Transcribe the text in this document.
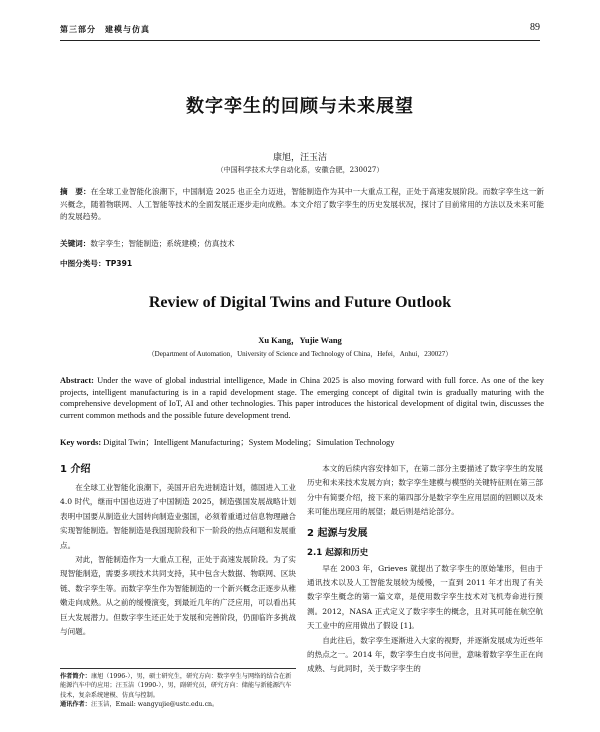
第三部分　建模与仿真	89
数字孪生的回顾与未来展望
康旭，汪玉洁
（中国科学技术大学自动化系，安徽合肥，230027）
摘　要：在全球工业智能化浪潮下，中国制造 2025 也正全力迈进，智能制造作为其中一大重点工程，正处于高速发展阶段。而数字孪生这一新兴概念，随着物联网、人工智能等技术的全面发展正逐步走向成熟。本文介绍了数字孪生的历史发展状况，探讨了目前常用的方法以及未来可能的发展趋势。
关键词：数字孪生；智能制造；系统建模；仿真技术
中图分类号：TP391
Review of Digital Twins and Future Outlook
Xu Kang，Yujie Wang
（Department of Automation，University of Science and Technology of China，Hefei，Anhui，230027）
Abstract: Under the wave of global industrial intelligence, Made in China 2025 is also moving forward with full force. As one of the key projects, intelligent manufacturing is in a rapid development stage. The emerging concept of digital twin is gradually maturing with the comprehensive development of IoT, AI and other technologies. This paper introduces the historical development of digital twin, discusses the current common methods and the possible future development trend.
Key words: Digital Twin；Intelligent Manufacturing；System Modeling；Simulation Technology
1 介绍

在全球工业智能化浪潮下，美国开启先进制造计划，德国进入工业 4.0 时代，继而中国也迈进了中国制造 2025，制造强国发展战略计划表明中国要从制造业大国转向制造业强国，必须着重通过信息物理融合实现智能制造。智能制造是我国现阶段和下一阶段的热点问题和发展重点。

对此，智能制造作为一大重点工程，正处于高速发展阶段。为了实现智能制造，需要多项技术共同支持，其中包含大数据、物联网、区块链、数字孪生等。而数字孪生作为智能制造的一个新兴概念正逐步从稚嫩走向成熟。从之前的缓慢演变，到最近几年的广泛应用，可以看出其巨大发展潜力。但数字孪生还正处于发展和完善阶段，仍面临许多挑战与问题。

本文的后续内容安排如下，在第二部分主要描述了数字孪生的发展历史和未来技术发展方向；数字孪生建模与模型的关键特征则在第三部分中有简要介绍，接下来的第四部分是数字孪生应用层面的回顾以及未来可能出现应用的展望；最后则是结论部分。

2 起源与发展
2.1 起源和历史

早在 2003 年，Grieves 就提出了数字孪生的原始雏形，但由于通讯技术以及人工智能发展较为缓慢，一直到 2011 年才出现了有关数字孪生概念的第一篇文章，是使用数字孪生技术对飞机寿命进行预测。2012，NASA 正式定义了数字孪生的概念，且对其可能在航空航天工业中的应用做出了假设 [1]。

自此往后，数字孪生逐渐进入大家的视野，并逐渐发展成为近些年的热点之一。2014 年，数字孪生白皮书问世，意味着数字孪生正在向成熟、与此同时，关于数字孪生的

作者简介：康旭（1996-），男，硕士研究生，研究方向：数字孪生与网络的结合在新能源汽车中的应用；汪玉洁（1990-），男，副研究员，研究方向：储能与新能源汽车技术，复杂系统建模、仿真与控制。
通讯作者：汪玉洁，Email: wangyujie@ustc.edu.cn。
